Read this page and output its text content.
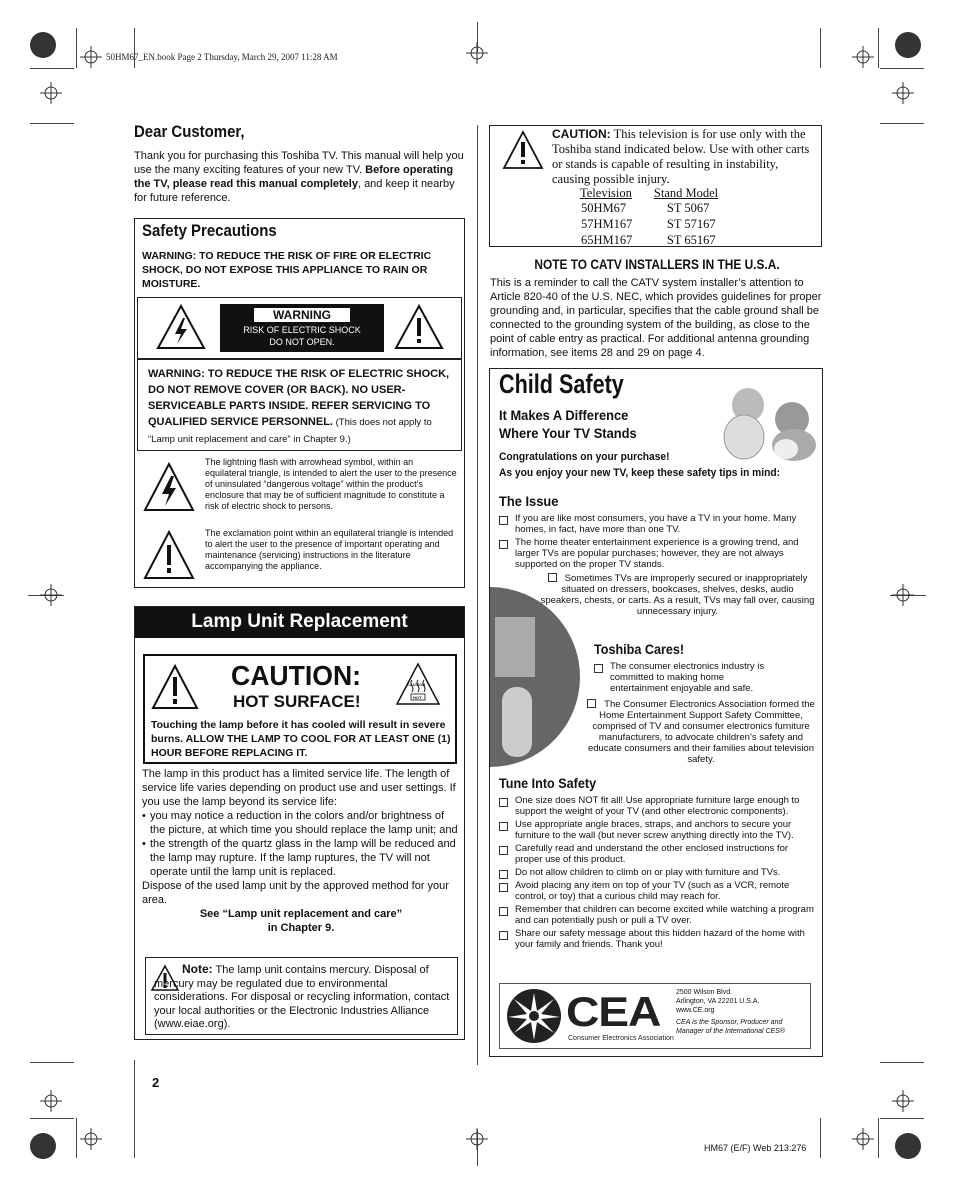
50HM67_EN.book Page 2 Thursday, March 29, 2007 11:28 AM
Dear Customer,
Thank you for purchasing this Toshiba TV. This manual will help you use the many exciting features of your new TV. Before operating the TV, please read this manual completely, and keep it nearby for future reference.
Safety Precautions
WARNING: TO REDUCE THE RISK OF FIRE OR ELECTRIC SHOCK, DO NOT EXPOSE THIS APPLIANCE TO RAIN OR MOISTURE.
WARNING
RISK OF ELECTRIC SHOCK
DO NOT OPEN.
WARNING: TO REDUCE THE RISK OF ELECTRIC SHOCK, DO NOT REMOVE COVER (OR BACK). NO USER-SERVICEABLE PARTS INSIDE. REFER SERVICING TO QUALIFIED SERVICE PERSONNEL. (This does not apply to “Lamp unit replacement and care” in Chapter 9.)
The lightning flash with arrowhead symbol, within an equilateral triangle, is intended to alert the user to the presence of uninsulated “dangerous voltage” within the product’s enclosure that may be of sufficient magnitude to constitute a risk of electric shock to persons.
The exclamation point within an equilateral triangle is intended to alert the user to the presence of important operating and maintenance (servicing) instructions in the literature accompanying the appliance.
Lamp Unit Replacement
CAUTION:
HOT SURFACE!
CAUTION
HOT
Touching the lamp before it has cooled will result in severe burns. ALLOW THE LAMP TO COOL FOR AT LEAST ONE (1) HOUR BEFORE REPLACING IT.
The lamp in this product has a limited service life. The length of service life varies depending on product use and user settings. If you use the lamp beyond its service life:
• you may notice a reduction in the colors and/or brightness of the picture, at which time you should replace the lamp unit; and
• the strength of the quartz glass in the lamp will be reduced and the lamp may rupture. If the lamp ruptures, the TV will not operate until the lamp unit is replaced.
Dispose of the used lamp unit by the approved method for your area.
See “Lamp unit replacement and care”
in Chapter 9.
Note: The lamp unit contains mercury. Disposal of mercury may be regulated due to environmental considerations. For disposal or recycling information, contact your local authorities or the Electronic Industries Alliance (www.eiae.org).
2
CAUTION: This television is for use only with the Toshiba stand indicated below. Use with other carts or stands is capable of resulting in instability, causing possible injury.
Television	Stand Model
50HM67	ST 5067
57HM167	ST 57167
65HM167	ST 65167
NOTE TO CATV INSTALLERS IN THE U.S.A.
This is a reminder to call the CATV system installer’s attention to Article 820-40 of the U.S. NEC, which provides guidelines for proper grounding and, in particular, specifies that the cable ground shall be connected to the grounding system of the building, as close to the point of cable entry as practical. For additional antenna grounding information, see items 28 and 29 on page 4.
Child Safety
It Makes A Difference
Where Your TV Stands
Congratulations on your purchase!
As you enjoy your new TV, keep these safety tips in mind:
The Issue
If you are like most consumers, you have a TV in your home. Many homes, in fact, have more than one TV.
The home theater entertainment experience is a growing trend, and larger TVs are popular purchases; however, they are not always supported on the proper TV stands.
Sometimes TVs are improperly secured or inappropriately situated on dressers, bookcases, shelves, desks, audio speakers, chests, or carts. As a result, TVs may fall over, causing unnecessary injury.
Toshiba Cares!
The consumer electronics industry is committed to making home entertainment enjoyable and safe.
The Consumer Electronics Association formed the Home Entertainment Support Safety Committee, comprised of TV and consumer electronics furniture manufacturers, to advocate children’s safety and educate consumers and their families about television safety.
Tune Into Safety
One size does NOT fit all! Use appropriate furniture large enough to support the weight of your TV (and other electronic components).
Use appropriate angle braces, straps, and anchors to secure your furniture to the wall (but never screw anything directly into the TV).
Carefully read and understand the other enclosed instructions for proper use of this product.
Do not allow children to climb on or play with furniture and TVs.
Avoid placing any item on top of your TV (such as a VCR, remote control, or toy) that a curious child may reach for.
Remember that children can become excited while watching a program and can potentially push or pull a TV over.
Share our safety message about this hidden hazard of the home with your family and friends. Thank you!
CEA
Consumer Electronics Association
2500 Wilson Blvd.
Arlington, VA 22201 U.S.A.
www.CE.org
CEA is the Sponsor, Producer and Manager of the International CES®
HM67 (E/F) Web 213:276
